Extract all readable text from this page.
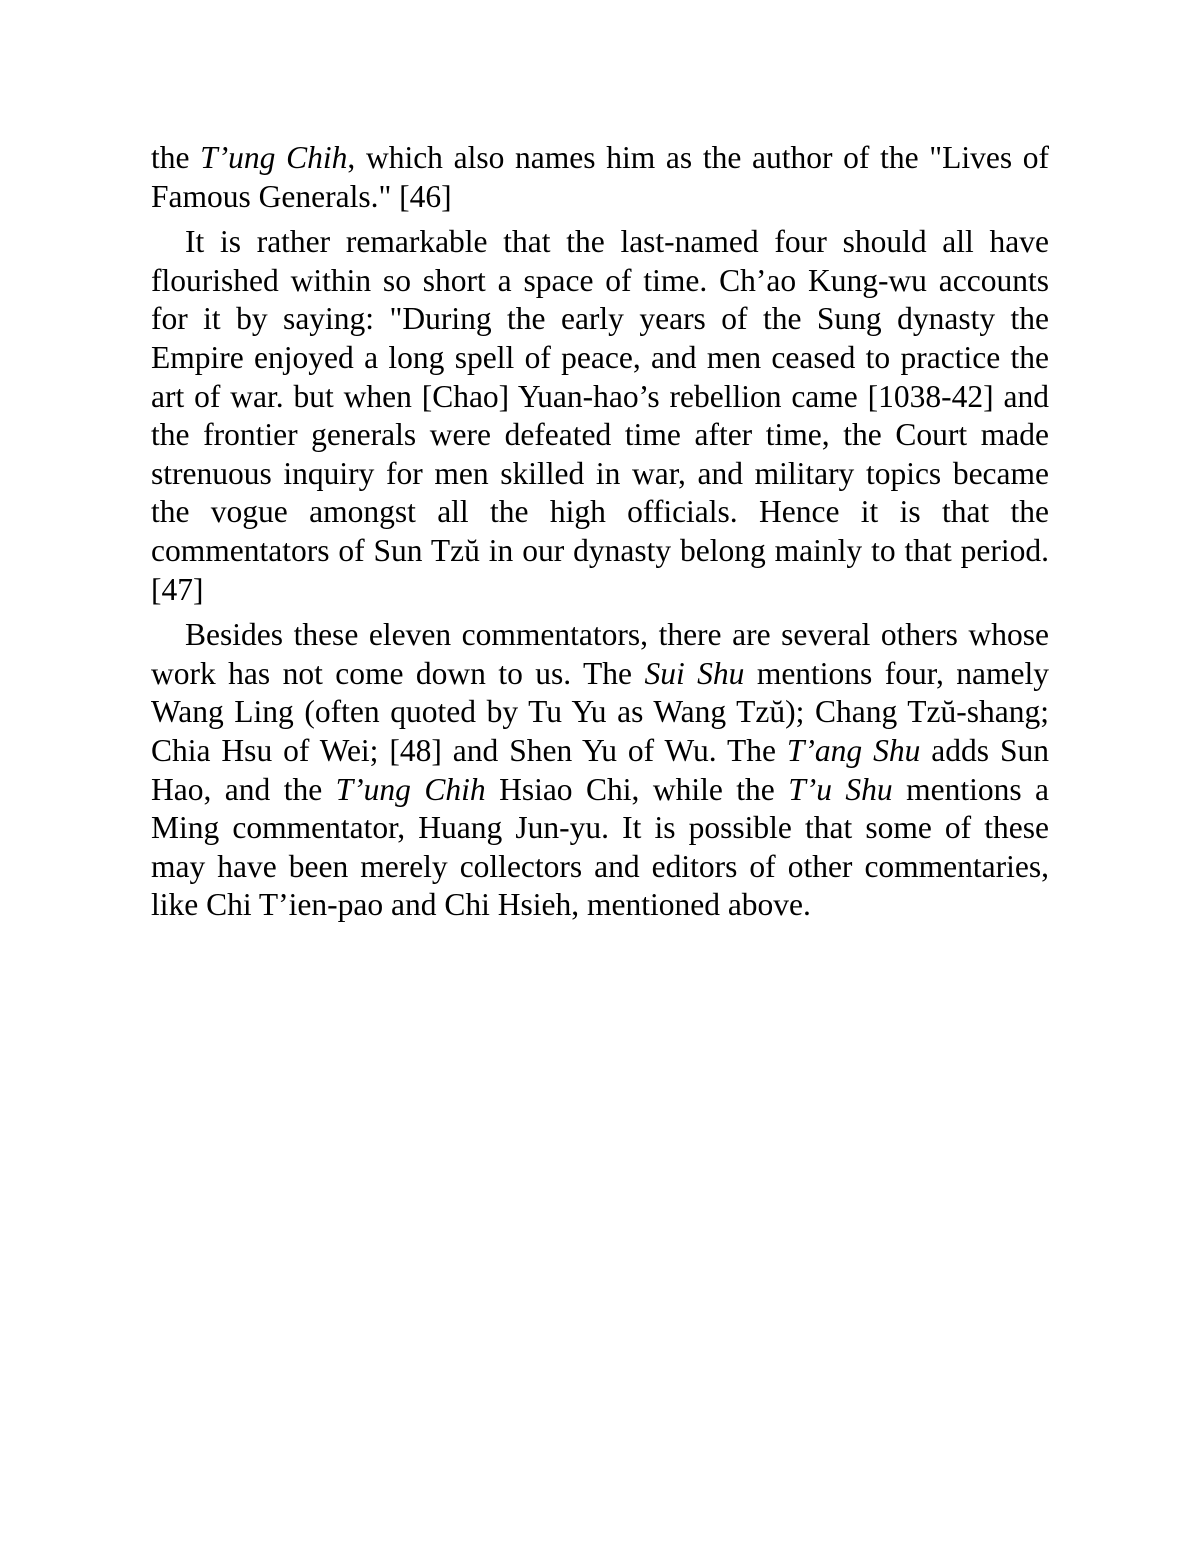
the T’ung Chih, which also names him as the author of the "Lives of Famous Generals." [46]

It is rather remarkable that the last-named four should all have flourished within so short a space of time. Ch’ao Kung-wu accounts for it by saying: "During the early years of the Sung dynasty the Empire enjoyed a long spell of peace, and men ceased to practice the art of war. but when [Chao] Yuan-hao’s rebellion came [1038-42] and the frontier generals were defeated time after time, the Court made strenuous inquiry for men skilled in war, and military topics became the vogue amongst all the high officials. Hence it is that the commentators of Sun Tzŭ in our dynasty belong mainly to that period. [47]

Besides these eleven commentators, there are several others whose work has not come down to us. The Sui Shu mentions four, namely Wang Ling (often quoted by Tu Yu as Wang Tzŭ); Chang Tzŭ-shang; Chia Hsu of Wei; [48] and Shen Yu of Wu. The T’ang Shu adds Sun Hao, and the T’ung Chih Hsiao Chi, while the T’u Shu mentions a Ming commentator, Huang Jun-yu. It is possible that some of these may have been merely collectors and editors of other commentaries, like Chi T’ien-pao and Chi Hsieh, mentioned above.
